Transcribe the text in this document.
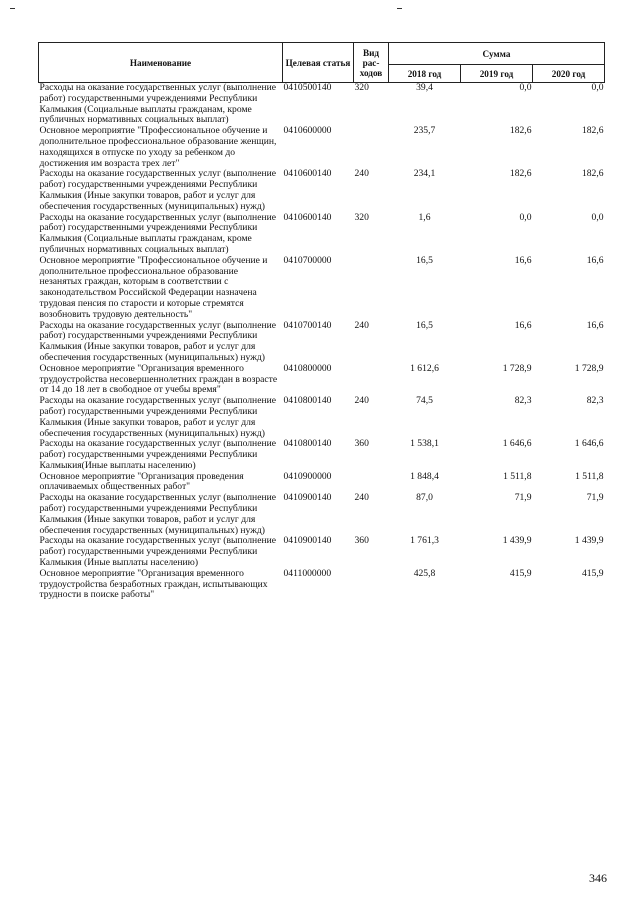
Наименование	Целевая статья	Вид рас-ходов	Сумма		
			2018 год	2019 год	2020 год
Расходы на оказание государственных услуг (выполнение работ) государственными учреждениями Республики Калмыкия (Социальные выплаты гражданам, кроме публичных нормативных социальных выплат)	0410500140	320	39,4	0,0	0,0
Основное мероприятие "Профессиональное обучение и дополнительное профессиональное образование женщин, находящихся в отпуске по уходу за ребенком до достижения им возраста трех лет"	0410600000		235,7	182,6	182,6
Расходы на оказание государственных услуг (выполнение работ) государственными учреждениями Республики Калмыкия (Иные закупки товаров, работ и услуг для обеспечения государственных (муниципальных) нужд)	0410600140	240	234,1	182,6	182,6
Расходы на оказание государственных услуг (выполнение работ) государственными учреждениями Республики Калмыкия (Социальные выплаты гражданам, кроме публичных нормативных социальных выплат)	0410600140	320	1,6	0,0	0,0
Основное мероприятие "Профессиональное обучение и дополнительное профессиональное образование незанятых граждан, которым в соответствии с законодательством Российской Федерации назначена трудовая пенсия по старости и которые стремятся возобновить трудовую деятельность"	0410700000		16,5	16,6	16,6
Расходы на оказание государственных услуг (выполнение работ) государственными учреждениями Республики Калмыкия (Иные закупки товаров, работ и услуг для обеспечения государственных (муниципальных) нужд)	0410700140	240	16,5	16,6	16,6
Основное мероприятие "Организация временного трудоустройства несовершеннолетних граждан в возрасте от 14 до 18 лет в свободное от учебы время"	0410800000		1 612,6	1 728,9	1 728,9
Расходы на оказание государственных услуг (выполнение работ) государственными учреждениями Республики Калмыкия (Иные закупки товаров, работ и услуг для обеспечения государственных (муниципальных) нужд)	0410800140	240	74,5	82,3	82,3
Расходы на оказание государственных услуг (выполнение работ) государственными учреждениями Республики Калмыкия(Иные выплаты населению)	0410800140	360	1 538,1	1 646,6	1 646,6
Основное мероприятие "Организация проведения оплачиваемых общественных работ"	0410900000		1 848,4	1 511,8	1 511,8
Расходы на оказание государственных услуг (выполнение работ) государственными учреждениями Республики Калмыкия (Иные закупки товаров, работ и услуг для обеспечения государственных (муниципальных) нужд)	0410900140	240	87,0	71,9	71,9
Расходы на оказание государственных услуг (выполнение работ) государственными учреждениями Республики Калмыкия (Иные выплаты населению)	0410900140	360	1 761,3	1 439,9	1 439,9
Основное мероприятие "Организация временного трудоустройства безработных граждан, испытывающих трудности в поиске работы"	0411000000		425,8	415,9	415,9
346
